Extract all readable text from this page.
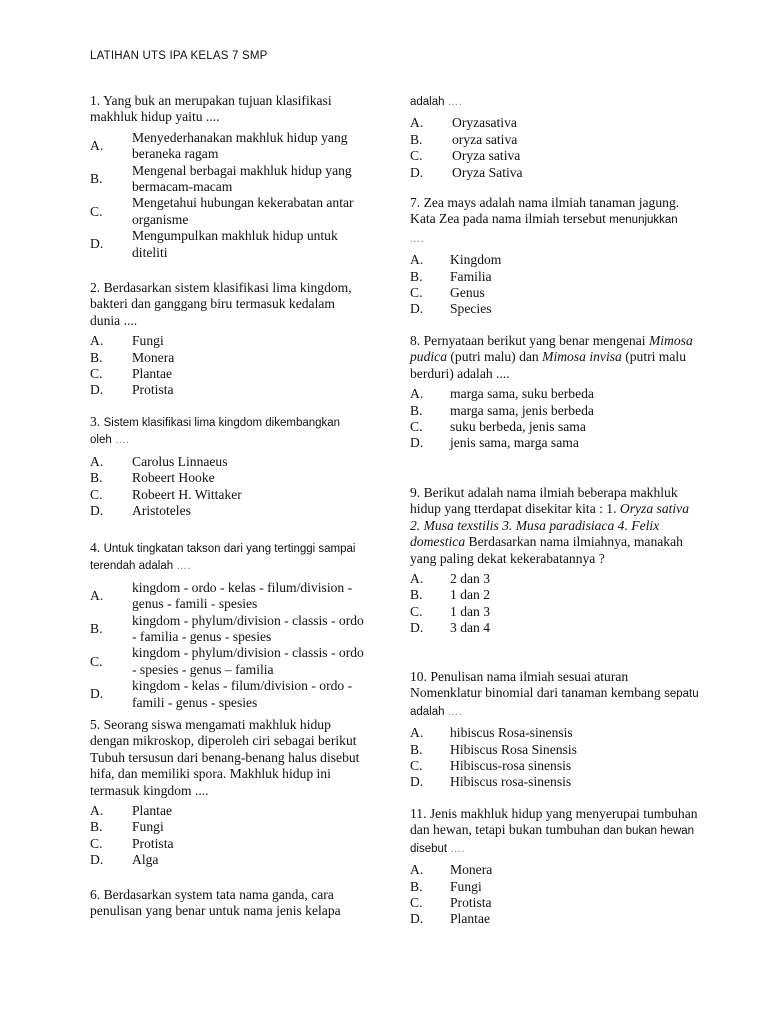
LATIHAN UTS IPA KELAS 7 SMP
1. Yang buk an merupakan tujuan klasifikasi makhluk hidup yaitu ....
A.
Menyederhanakan makhluk hidup yang beraneka ragam
B.
Mengenal berbagai makhluk hidup yang bermacam-macam
C.
Mengetahui hubungan kekerabatan antar organisme
D.
Mengumpulkan makhluk hidup untuk diteliti
2. Berdasarkan sistem klasifikasi lima kingdom, bakteri dan ganggang biru termasuk kedalam dunia ....
A.	Fungi
B.	Monera
C.	Plantae
D.	Protista
3. Sistem klasifikasi lima kingdom dikembangkan oleh ….
A.	Carolus Linnaeus
B.	Robeert Hooke
C.	Robeert H. Wittaker
D.	Aristoteles
4. Untuk tingkatan takson dari yang tertinggi sampai terendah adalah ….
A.
kingdom - ordo - kelas - filum/division - genus - famili - spesies
B.
kingdom - phylum/division - classis - ordo - familia - genus - spesies
C.
kingdom - phylum/division - classis - ordo - spesies - genus – familia
D.
kingdom - kelas - filum/division - ordo - famili - genus - spesies
5. Seorang siswa mengamati makhluk hidup dengan mikroskop, diperoleh ciri sebagai berikut Tubuh tersusun dari benang-benang halus disebut hifa, dan memiliki spora. Makhluk hidup ini termasuk kingdom ....
A.	Plantae
B.	Fungi
C.	Protista
D.	Alga
6. Berdasarkan system tata nama ganda, cara penulisan yang benar untuk nama jenis kelapa
adalah ….
A.	Oryzasativa
B.	oryza sativa
C.	Oryza sativa
D.	Oryza Sativa
7. Zea mays adalah nama ilmiah tanaman jagung. Kata Zea pada nama ilmiah tersebut menunjukkan ….
A.	Kingdom
B.	Familia
C.	Genus
D.	Species
8. Pernyataan berikut yang benar mengenai Mimosa pudica (putri malu) dan Mimosa invisa (putri malu berduri) adalah ....
A.	marga sama, suku berbeda
B.	marga sama, jenis berbeda
C.	suku berbeda, jenis sama
D.	jenis sama, marga sama
9. Berikut adalah nama ilmiah beberapa makhluk hidup yang tterdapat disekitar kita : 1. Oryza sativa 2. Musa texstilis 3. Musa paradisiaca 4. Felix domestica Berdasarkan nama ilmiahnya, manakah yang paling dekat kekerabatannya ?
A.	2 dan 3
B.	1 dan 2
C.	1 dan 3
D.	3 dan 4
10. Penulisan nama ilmiah sesuai aturan Nomenklatur binomial dari tanaman kembang sepatu adalah ….
A.	hibiscus Rosa-sinensis
B.	Hibiscus Rosa Sinensis
C.	Hibiscus-rosa sinensis
D.	Hibiscus rosa-sinensis
11. Jenis makhluk hidup yang menyerupai tumbuhan dan hewan, tetapi bukan tumbuhan dan bukan hewan disebut ….
A.	Monera
B.	Fungi
C.	Protista
D.	Plantae
